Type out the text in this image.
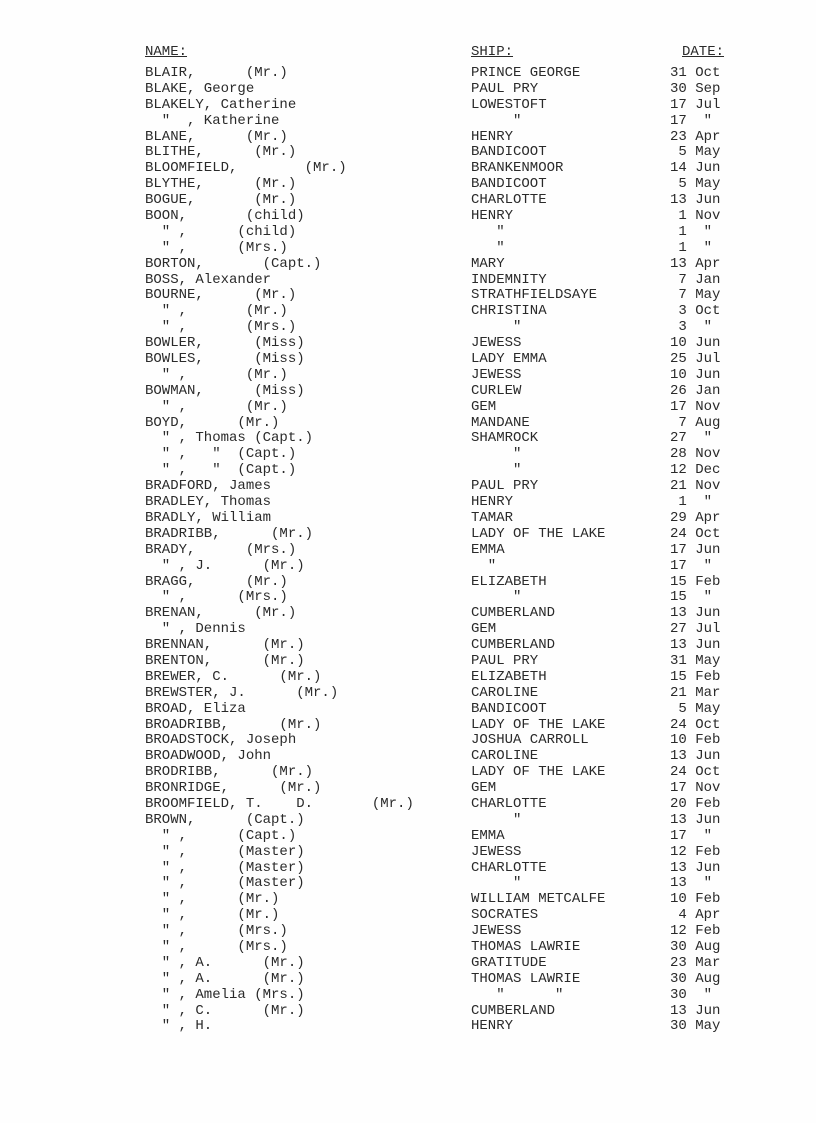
NAME:	SHIP:	DATE:
BLAIR,      (Mr.)	PRINCE GEORGE	31 Oct
BLAKE, George	PAUL PRY	30 Sep
BLAKELY, Catherine	LOWESTOFT	17 Jul
"  , Katherine	"	17  "
BLANE,      (Mr.)	HENRY	23 Apr
BLITHE,      (Mr.)	BANDICOOT	5 May
BLOOMFIELD,        (Mr.)	BRANKENMOOR	14 Jun
BLYTHE,      (Mr.)	BANDICOOT	5 May
BOGUE,       (Mr.)	CHARLOTTE	13 Jun
BOON,       (child)	HENRY	1 Nov
" ,      (child)	"	1  "
" ,      (Mrs.)	"	1  "
BORTON,       (Capt.)	MARY	13 Apr
BOSS, Alexander	INDEMNITY	7 Jan
BOURNE,      (Mr.)	STRATHFIELDSAYE	7 May
" ,       (Mr.)	CHRISTINA	3 Oct
" ,       (Mrs.)	"	3  "
BOWLER,      (Miss)	JEWESS	10 Jun
BOWLES,      (Miss)	LADY EMMA	25 Jul
" ,       (Mr.)	JEWESS	10 Jun
BOWMAN,      (Miss)	CURLEW	26 Jan
" ,       (Mr.)	GEM	17 Nov
BOYD,      (Mr.)	MANDANE	7 Aug
" , Thomas (Capt.)	SHAMROCK	27  "
" ,   "  (Capt.)	"	28 Nov
" ,   "  (Capt.)	"	12 Dec
BRADFORD, James	PAUL PRY	21 Nov
BRADLEY, Thomas	HENRY	1  "
BRADLY, William	TAMAR	29 Apr
BRADRIBB,      (Mr.)	LADY OF THE LAKE	24 Oct
BRADY,      (Mrs.)	EMMA	17 Jun
" , J.      (Mr.)	"	17  "
BRAGG,      (Mr.)	ELIZABETH	15 Feb
" ,      (Mrs.)	"	15  "
BRENAN,      (Mr.)	CUMBERLAND	13 Jun
" , Dennis	GEM	27 Jul
BRENNAN,      (Mr.)	CUMBERLAND	13 Jun
BRENTON,      (Mr.)	PAUL PRY	31 May
BREWER, C.      (Mr.)	ELIZABETH	15 Feb
BREWSTER, J.      (Mr.)	CAROLINE	21 Mar
BROAD, Eliza	BANDICOOT	5 May
BROADRIBB,      (Mr.)	LADY OF THE LAKE	24 Oct
BROADSTOCK, Joseph	JOSHUA CARROLL	10 Feb
BROADWOOD, John	CAROLINE	13 Jun
BRODRIBB,      (Mr.)	LADY OF THE LAKE	24 Oct
BRONRIDGE,      (Mr.)	GEM	17 Nov
BROOMFIELD, T.    D.       (Mr.)	CHARLOTTE	20 Feb
BROWN,      (Capt.)	"	13 Jun
" ,      (Capt.)	EMMA	17  "
" ,      (Master)	JEWESS	12 Feb
" ,      (Master)	CHARLOTTE	13 Jun
" ,      (Master)	"	13  "
" ,      (Mr.)	WILLIAM METCALFE	10 Feb
" ,      (Mr.)	SOCRATES	4 Apr
" ,      (Mrs.)	JEWESS	12 Feb
" ,      (Mrs.)	THOMAS LAWRIE	30 Aug
" , A.      (Mr.)	GRATITUDE	23 Mar
" , A.      (Mr.)	THOMAS LAWRIE	30 Aug
" , Amelia (Mrs.)	"      "	30  "
" , C.      (Mr.)	CUMBERLAND	13 Jun
" , H.	HENRY	30 May
